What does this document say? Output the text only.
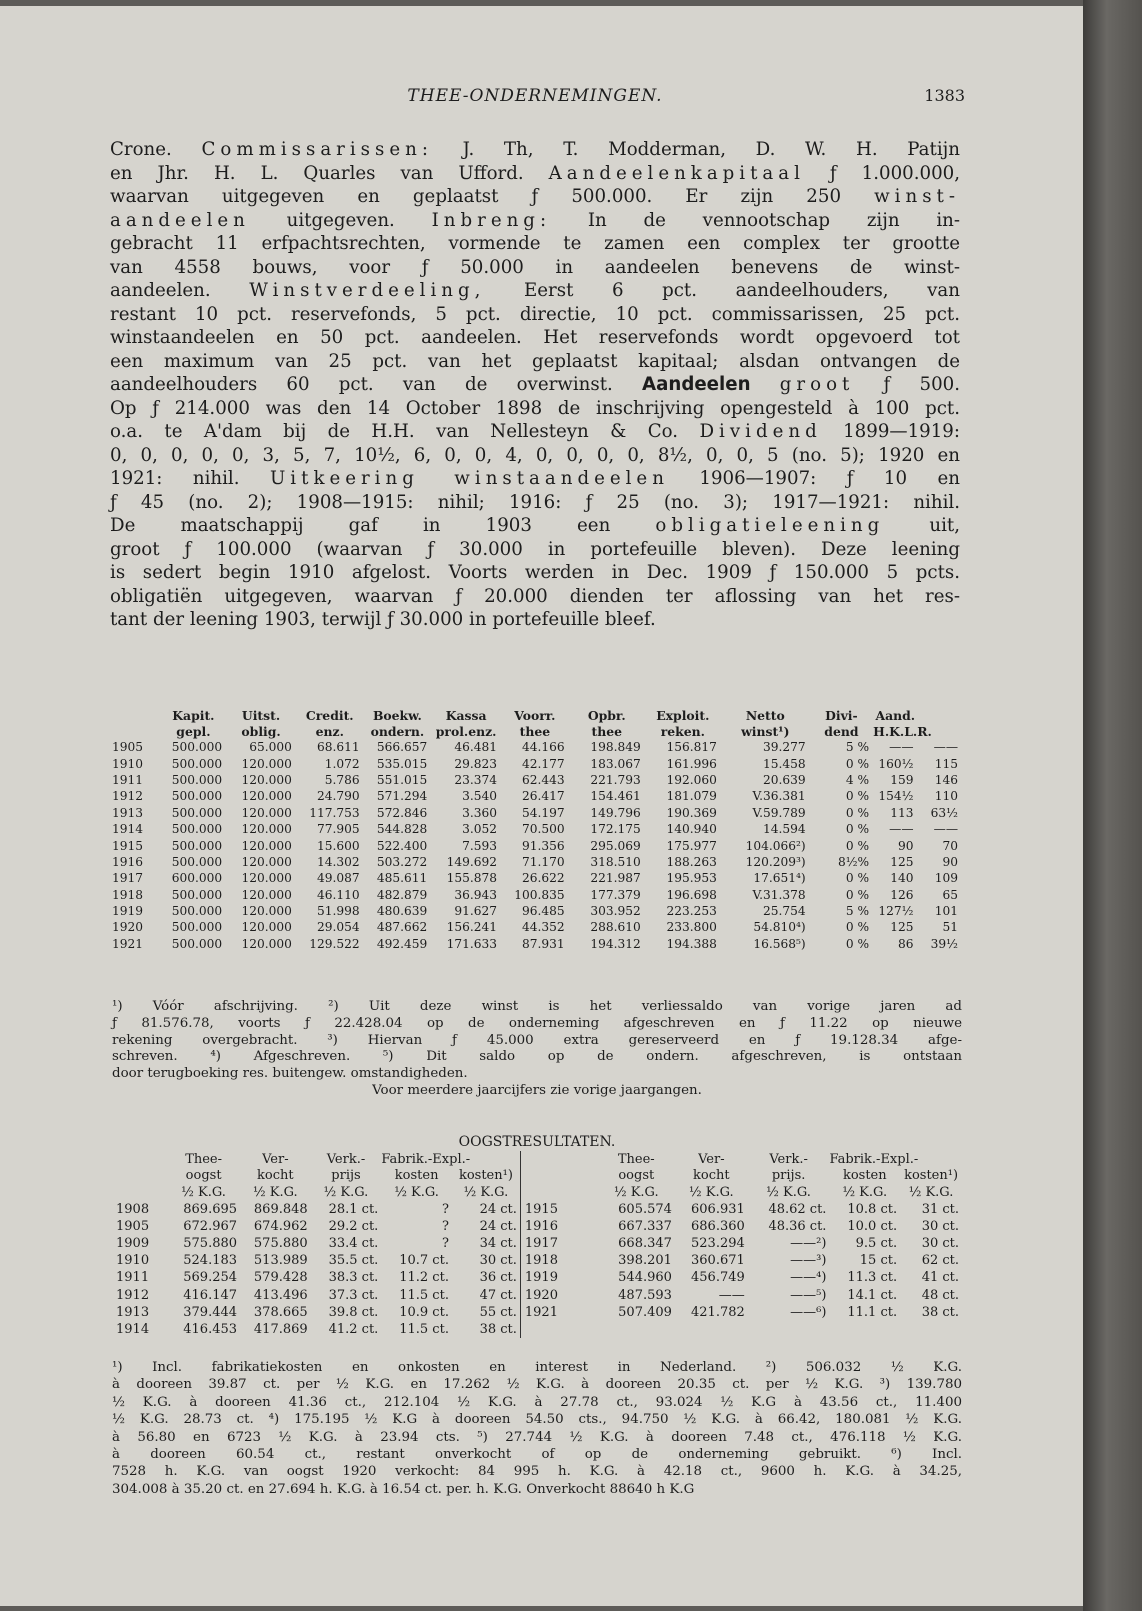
THEE-ONDERNEMINGEN.	1383

Crone. Commissarissen: J. Th, T. Modderman, D. W. H. Patijn

en Jhr. H. L. Quarles van Ufford. Aandeelenkapitaal ƒ 1.000.000,

waarvan uitgegeven en geplaatst ƒ 500.000. Er zijn 250 winst-

aandeelen uitgegeven. Inbreng: In de vennootschap zijn in-

gebracht 11 erfpachtsrechten, vormende te zamen een complex ter grootte

van 4558 bouws, voor ƒ 50.000 in aandeelen benevens de winst-

aandeelen. Winstverdeeling, Eerst 6 pct. aandeelhouders, van

restant 10 pct. reservefonds, 5 pct. directie, 10 pct. commissarissen, 25 pct.

winstaandeelen en 50 pct. aandeelen. Het reservefonds wordt opgevoerd tot

een maximum van 25 pct. van het geplaatst kapitaal; alsdan ontvangen de

aandeelhouders 60 pct. van de overwinst. Aandeelen groot ƒ 500.

Op ƒ 214.000 was den 14 October 1898 de inschrijving opengesteld à 100 pct.

o.a. te A'dam bij de H.H. van Nellesteyn & Co. Dividend 1899—1919:

0, 0, 0, 0, 0, 3, 5, 7, 10½, 6, 0, 0, 4, 0, 0, 0, 0, 8½, 0, 0, 5 (no. 5); 1920 en

1921: nihil. Uitkeering winstaandeelen 1906—1907: ƒ 10 en

ƒ 45 (no. 2); 1908—1915: nihil; 1916: ƒ 25 (no. 3); 1917—1921: nihil.

De maatschappij gaf in 1903 een obligatieleening uit,

groot ƒ 100.000 (waarvan ƒ 30.000 in portefeuille bleven). Deze leening

is sedert begin 1910 afgelost. Voorts werden in Dec. 1909 ƒ 150.000 5 pcts.

obligatiën uitgegeven, waarvan ƒ 20.000 dienden ter aflossing van het res-

tant der leening 1903, terwijl ƒ 30.000 in portefeuille bleef.

	Kapit.	Uitst.	Credit.	Boekw.	Kassa	Voorr.	Opbr.	Exploit.	Netto	Divi-	Aand.	
	gepl.	oblig.	enz.	ondern.	prol.enz.	thee	thee	reken.	winst¹)	dend	H.K.L.R.	
1905	500.000	65.000	68.611	566.657	46.481	44.166	198.849	156.817	39.277	5 %	——	——
1910	500.000	120.000	1.072	535.015	29.823	42.177	183.067	161.996	15.458	0 %	160½	115
1911	500.000	120.000	5.786	551.015	23.374	62.443	221.793	192.060	20.639	4 %	159	146
1912	500.000	120.000	24.790	571.294	3.540	26.417	154.461	181.079	V.36.381	0 %	154½	110
1913	500.000	120.000	117.753	572.846	3.360	54.197	149.796	190.369	V.59.789	0 %	113	63½
1914	500.000	120.000	77.905	544.828	3.052	70.500	172.175	140.940	14.594	0 %	——	——
1915	500.000	120.000	15.600	522.400	7.593	91.356	295.069	175.977	104.066²)	0 %	90	70
1916	500.000	120.000	14.302	503.272	149.692	71.170	318.510	188.263	120.209³)	8½%	125	90
1917	600.000	120.000	49.087	485.611	155.878	26.622	221.987	195.953	17.651⁴)	0 %	140	109
1918	500.000	120.000	46.110	482.879	36.943	100.835	177.379	196.698	V.31.378	0 %	126	65
1919	500.000	120.000	51.998	480.639	91.627	96.485	303.952	223.253	25.754	5 %	127½	101
1920	500.000	120.000	29.054	487.662	156.241	44.352	288.610	233.800	54.810⁴)	0 %	125	51
1921	500.000	120.000	129.522	492.459	171.633	87.931	194.312	194.388	16.568⁵)	0 %	86	39½

¹) Vóór afschrijving. ²) Uit deze winst is het verliessaldo van vorige jaren ad

ƒ 81.576.78, voorts ƒ 22.428.04 op de onderneming afgeschreven en ƒ 11.22 op nieuwe

rekening overgebracht. ³) Hiervan ƒ 45.000 extra gereserveerd en ƒ 19.128.34 afge-

schreven. ⁴) Afgeschreven. ⁵) Dit saldo op de ondern. afgeschreven, is ontstaan

door terugboeking res. buitengew. omstandigheden.

Voor meerdere jaarcijfers zie vorige jaargangen.

OOGSTRESULTATEN.
	Thee-	Ver-	Verk.-	Fabrik.-Expl.-			Thee-	Ver-	Verk.-	Fabrik.-Expl.-	
	oogst	kocht	prijs	kosten	kosten¹)		oogst	kocht	prijs.	kosten	kosten¹)
	½ K.G.	½ K.G.	½ K.G.	½ K.G.	½ K.G.		½ K.G.	½ K.G.	½ K.G.	½ K.G.	½ K.G.
1908	869.695	869.848	28.1 ct.	?	24 ct.	1915	605.574	606.931	48.62 ct.	10.8 ct.	31 ct.
1905	672.967	674.962	29.2 ct.	?	24 ct.	1916	667.337	686.360	48.36 ct.	10.0 ct.	30 ct.
1909	575.880	575.880	33.4 ct.	?	34 ct.	1917	668.347	523.294	——²)	9.5 ct.	30 ct.
1910	524.183	513.989	35.5 ct.	10.7 ct.	30 ct.	1918	398.201	360.671	——³)	15 ct.	62 ct.
1911	569.254	579.428	38.3 ct.	11.2 ct.	36 ct.	1919	544.960	456.749	——⁴)	11.3 ct.	41 ct.
1912	416.147	413.496	37.3 ct.	11.5 ct.	47 ct.	1920	487.593	——	——⁵)	14.1 ct.	48 ct.
1913	379.444	378.665	39.8 ct.	10.9 ct.	55 ct.	1921	507.409	421.782	——⁶)	11.1 ct.	38 ct.
1914	416.453	417.869	41.2 ct.	11.5 ct.	38 ct.						

¹) Incl. fabrikatiekosten en onkosten en interest in Nederland. ²) 506.032 ½ K.G.

à dooreen 39.87 ct. per ½ K.G. en 17.262 ½ K.G. à dooreen 20.35 ct. per ½ K.G. ³) 139.780

½ K.G. à dooreen 41.36 ct., 212.104 ½ K.G. à 27.78 ct., 93.024 ½ K.G à 43.56 ct., 11.400

½ K.G. 28.73 ct. ⁴) 175.195 ½ K.G à dooreen 54.50 cts., 94.750 ½ K.G. à 66.42, 180.081 ½ K.G.

à 56.80 en 6723 ½ K.G. à 23.94 cts. ⁵) 27.744 ½ K.G. à dooreen 7.48 ct., 476.118 ½ K.G.

à dooreen 60.54 ct., restant onverkocht of op de onderneming gebruikt. ⁶) Incl.

7528 h. K.G. van oogst 1920 verkocht: 84 995 h. K.G. à 42.18 ct., 9600 h. K.G. à 34.25,

304.008 à 35.20 ct. en 27.694 h. K.G. à 16.54 ct. per. h. K.G. Onverkocht 88640 h K.G
